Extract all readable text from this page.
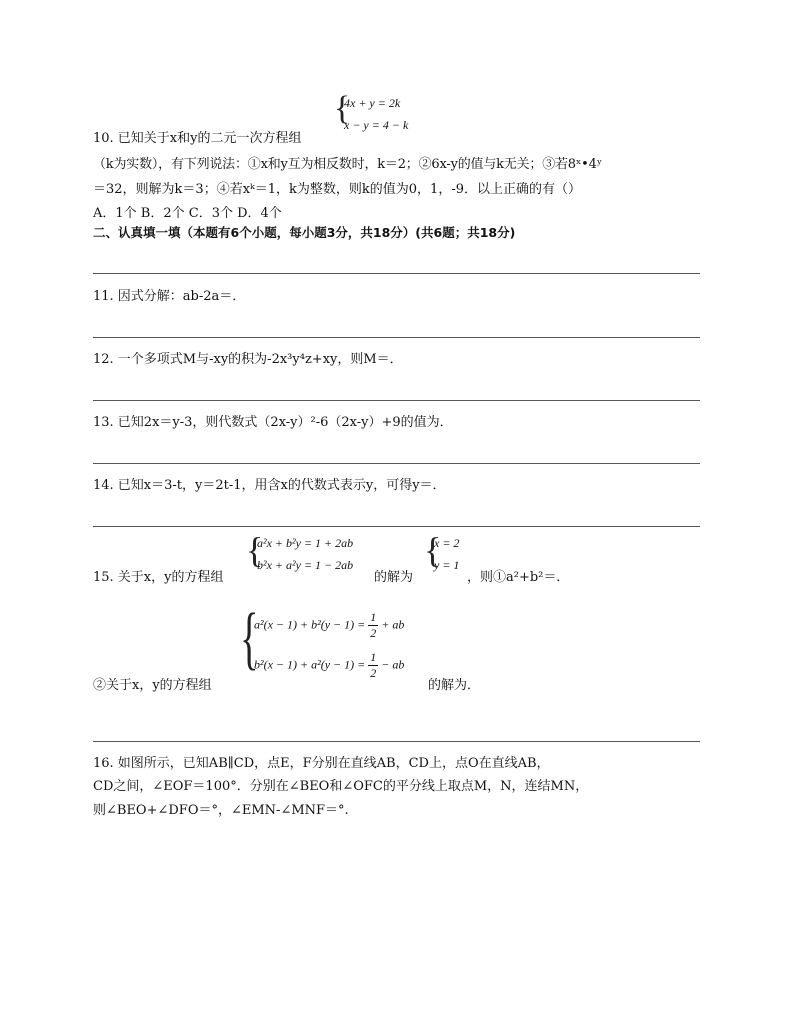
{
4x + y = 2k
x − y = 4 − k
10. 已知关于x和y的二元一次方程组
（k为实数），有下列说法：①x和y互为相反数时，k＝2；②6x-y的值与k无关；③若8ˣ•4ʸ
＝32，则解为k＝3；④若xᵏ＝1，k为整数，则k的值为0，1，-9．以上正确的有（）
A．1个 B．2个 C．3个 D．4个
二、认真填一填（本题有6个小题，每小题3分，共18分）(共6题；共18分)
11. 因式分解：ab-2a＝．
12. 一个多项式M与-xy的积为-2x³y⁴z+xy，则M＝．
13. 已知2x＝y-3，则代数式（2x-y）²-6（2x-y）+9的值为．
14. 已知x＝3-t，y＝2t-1，用含x的代数式表示y，可得y＝．
15. 关于x，y的方程组
{
a²x + b²y = 1 + 2ab
b²x + a²y = 1 − 2ab
的解为
{
x = 2
y = 1
，则①a²+b²＝．
{
$a^2(x - 1) + b^2(y - 1) = \frac{1}{2}$ + ab
$b^2(x - 1) + a^2(y - 1) = \frac{1}{2}$ − ab
②关于x，y的方程组	的解为．
16. 如图所示，已知AB∥CD，点E，F分别在直线AB，CD上，点O在直线AB，
CD之间，∠EOF＝100°．分别在∠BEO和∠OFC的平分线上取点M，N，连结MN，
则∠BEO+∠DFO＝°，∠EMN-∠MNF＝°.
